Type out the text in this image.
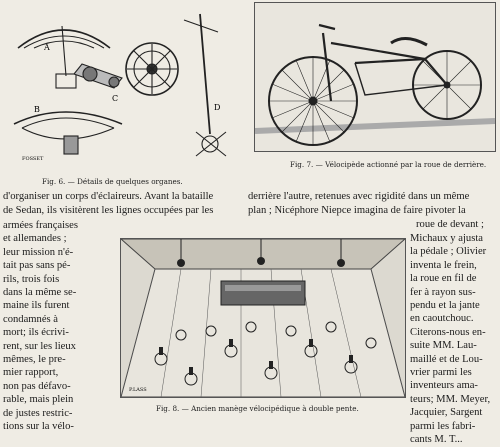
A
C
B	D
FOSSET
Fig. 6. — Détails de quelques organes.
Fig. 7. — Vélocipède actionné par la roue de derrière.
d'organiser un corps d'éclaireurs. Avant la bataille	derrière l'autre, retenues avec rigidité dans un même
de Sedan, ils visitèrent les lignes occupées par les	plan ; Nicéphore Niepce imagina de faire pivoter la
roue de devant ;
armées françaises
et allemandes ;
leur mission n'é-
tait pas sans pé-
rils, trois fois
dans la même se-
maine ils furent
condamnés à
mort; ils écrivi-
rent, sur les lieux
mêmes, le pre-
mier rapport,
non pas défavo-
rable, mais plein
de justes restric-
tions sur la vélo-
Michaux y ajusta
la pédale ; Olivier
inventa le frein,
la roue en fil de
fer à rayon sus-
pendu et la jante
en caoutchouc.
Citerons-nous en-
suite MM. Lau-
maillé et de Lou-
vrier parmi les
inventeurs ama-
teurs; MM. Meyer,
Jacquier, Sargent
parmi les fabri-
cants M. T...
P.LASS
Fig. 8. — Ancien manège vélocipédique à double pente.
